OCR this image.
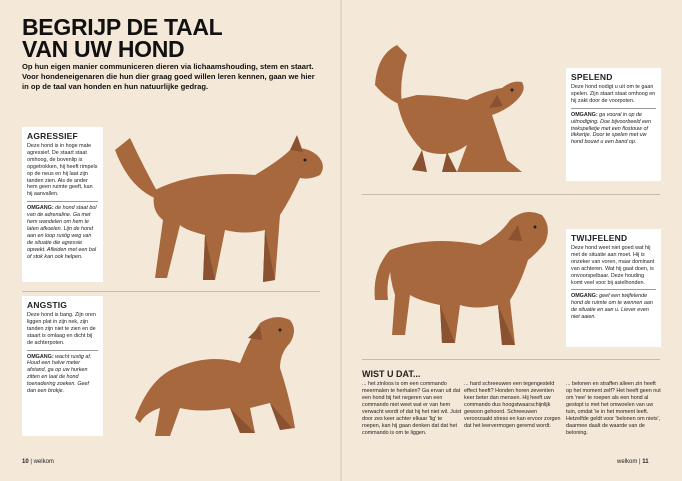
BEGRIJP DE TAAL
VAN UW HOND
Op hun eigen manier communiceren dieren via lichaamshouding, stem en staart. Voor hondeneigenaren die hun dier graag goed willen leren kennen, gaan we hier in op de taal van honden en hun natuurlijke gedrag.
AGRESSIEF

Deze hond is in hoge mate agressief. De staart staat omhoog, de bovenlip is opgetrokken, hij heeft rimpels op de neus en hij laat zijn tanden zien. Als de ander hem geen ruimte geeft, kan hij aanvallen.

OMGANG: de hond staat bol van de adrenaline. Ga met hem wandelen om hem te laten afkoelen. Lijn de hond aan en loop rustig weg van de situatie die agressie opwekt. Afleiden met een bal of stok kan ook helpen.

ANGSTIG

Deze hond is bang. Zijn oren liggen plat in zijn nek, zijn tanden zijn niet te zien en de staart is omlaag en dicht bij de achterpoten.

OMGANG: wacht rustig af. Houd een halve meter afstand, ga op uw hurken zitten en laat de hond toenadering zoeken. Geef dan een brokje.

SPELEND

Deze hond nodigt u uit om te gaan spelen. Zijn staart staat omhoog en hij zakt door de voorpoten.

OMGANG: ga vooral in op de uitnodiging. Doe bijvoorbeeld een trekspelletje met een flostouw of tikkertje. Door te spelen met uw hond bouwt u een band op.

TWIJFELEND

Deze hond weet niet goed wat hij met de situatie aan moet. Hij is onzeker van voren, maar dominant van achteren. Wat hij gaat doen, is onvoorspelbaar. Deze houding komt veel voor bij asielhonden.

OMGANG: geef een twijfelende hond de ruimte om te wennen aan de situatie en aan u. Liever even niet aaien.

WIST U DAT...
... het zinloos is om een commando meermalen te herhalen? Ga ervan uit dat een hond bij het negeren van een commando niet weet wat er van hem verwacht wordt of dat hij het niet wil. Juist door zes keer achter elkaar 'lig' te roepen, kan hij gaan denken dat dat het commando is om te liggen.
... hard schreeuwen een tegengesteld effect heeft? Honden horen zeventien keer beter dan mensen. Hij heeft uw commando dus hoogstwaarschijnlijk gewoon gehoord. Schreeuwen veroorzaakt stress en kan ervoor zorgen dat het leervermogen geremd wordt.
... belonen en straffen alleen zin heeft op het moment zelf? Het heeft geen nut om 'nee' te roepen als een hond al gestopt is met het omwoelen van uw tuin, omdat 'ie in het moment leeft. Hetzelfde geldt voor 'belonen om niets', daarmee daalt de waarde van de beloning.
10 | welkom	welkom | 11
